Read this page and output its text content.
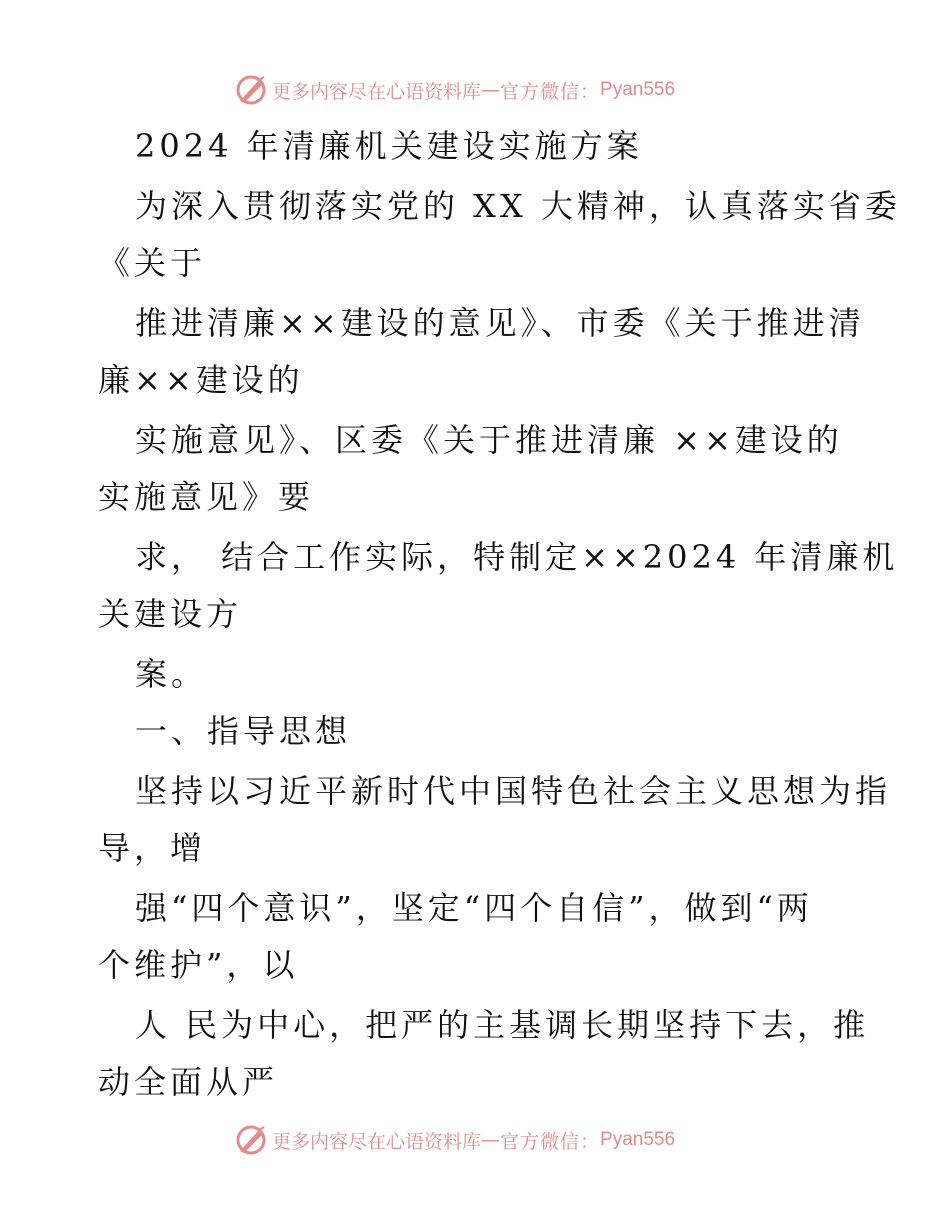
更多内容尽在心语资料库 — 官方微信： Pyan556
2024 年清廉机关建设实施方案
为深入贯彻落实党的 XX 大精神，认真落实省委
《关于
推进清廉××建设的意见》、市委《关于推进清
廉××建设的
实施意见》、区委《关于推进清廉 ××建设的
实施意见》要
求， 结合工作实际，特制定××2024 年清廉机
关建设方
案。
一、指导思想
坚持以习近平新时代中国特色社会主义思想为指
导，增
强“四个意识”，坚定“四个自信”，做到“两
个维护”，以
人 民为中心，把严的主基调长期坚持下去，推
动全面从严
更多内容尽在心语资料库 — 官方微信： Pyan556
